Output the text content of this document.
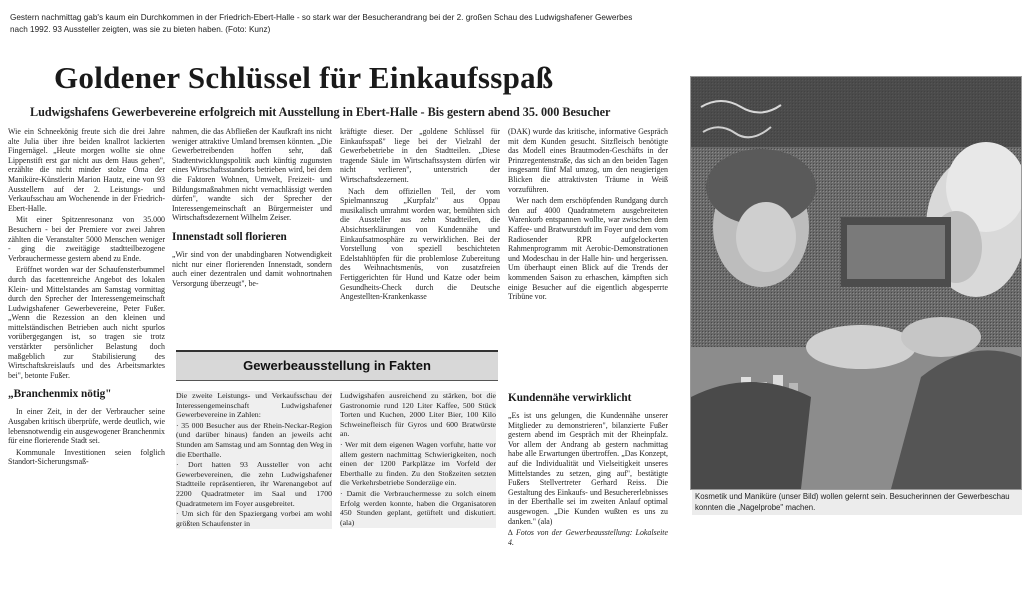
Gestern nachmittag gab's kaum ein Durchkommen in der Friedrich-Ebert-Halle - so stark war der Besucherandrang bei der 2. großen Schau des Ludwigshafener Gewerbes nach 1992. 93 Aussteller zeigten, was sie zu bieten haben. (Foto: Kunz)
Goldener Schlüssel für Einkaufsspaß
Ludwigshafens Gewerbevereine erfolgreich mit Ausstellung in Ebert-Halle - Bis gestern abend 35. 000 Besucher

Wie ein Schneekönig freute sich die drei Jahre alte Julia über ihre beiden knallrot lackierten Fingernägel. „Heute morgen wollte sie ohne Lippenstift erst gar nicht aus dem Haus gehen", erzählte die nicht minder stolze Oma der Maniküre-Künstlerin Marion Hautz, eine von 93 Ausstellern auf der 2. Leistungs- und Verkaufsschau am Wochenende in der Friedrich-Ebert-Halle.

Mit einer Spitzenresonanz von 35.000 Besuchern - bei der Premiere vor zwei Jahren zählten die Veranstalter 5000 Menschen weniger - ging die zweitägige stadtteilbezogene Verbrauchermesse gestern abend zu Ende.

Eröffnet worden war der Schaufensterbummel durch das facettenreiche Angebot des lokalen Klein- und Mittelstandes am Samstag vormittag durch den Sprecher der Interessengemeinschaft Ludwigshafener Gewerbevereine, Peter Fußer. „Wenn die Rezession an den kleinen und mittelständischen Betrieben auch nicht spurlos vorübergegangen ist, so tragen sie trotz verstärkter persönlicher Belastung doch maßgeblich zur Stabilisierung des Wirtschaftskreislaufs und des Arbeitsmarktes bei", betonte Fußer.

„Branchenmix nötig"

In einer Zeit, in der der Verbraucher seine Ausgaben kritisch überprüfe, werde deutlich, wie lebensnotwendig ein ausgewogener Branchenmix für eine florierende Stadt sei.

Kommunale Investitionen seien folglich Standort-Sicherungsmaß-

nahmen, die das Abfließen der Kaufkraft ins nicht weniger attraktive Umland bremsen könnten. „Die Gewerbetreibenden hoffen sehr, daß Stadtentwicklungspolitik auch künftig zugunsten eines Wirtschaftsstandorts betrieben wird, bei dem die Faktoren Wohnen, Umwelt, Freizeit- und Bildungsmaßnahmen nicht vernachlässigt werden dürfen", wandte sich der Sprecher der Interessengemeinschaft an Bürgermeister und Wirtschaftsdezernent Wilhelm Zeiser.

Innenstadt soll florieren

„Wir sind von der unabdingbaren Notwendigkeit nicht nur einer florierenden Innenstadt, sondern auch einer dezentralen und damit wohnortnahen Versorgung überzeugt", be-

kräftigte dieser. Der „goldene Schlüssel für Einkaufsspaß" liege bei der Vielzahl der Gewerbebetriebe in den Stadtteilen. „Diese tragende Säule im Wirtschaftssystem dürfen wir nicht verlieren", unterstrich der Wirtschaftsdezernent.

Nach dem offiziellen Teil, der vom Spielmannszug „Kurpfalz" aus Oppau musikalisch umrahmt worden war, bemühten sich die Aussteller aus zehn Stadtteilen, die Absichtserklärungen von Kundennähe und Einkaufsatmosphäre zu verwirklichen. Bei der Vorstellung von speziell beschichteten Edelstahltöpfen für die problemlose Zubereitung des Weihnachtsmenüs, von zusatzfreien Fertiggerichten für Hund und Katze oder beim Gesundheits-Check durch die Deutsche Angestellten-Krankenkasse

(DAK) wurde das kritische, informative Gespräch mit dem Kunden gesucht. Sitzfleisch benötigte das Modell eines Brautmoden-Geschäfts in der Prinzregentenstraße, das sich an den beiden Tagen insgesamt fünf Mal umzog, um den neugierigen Blicken die attraktivsten Träume in Weiß vorzuführen.

Wer nach dem erschöpfenden Rundgang durch den auf 4000 Quadratmetern ausgebreiteten Warenkorb entspannen wollte, war zwischen dem Kaffee- und Bratwurstduft im Foyer und dem vom Radiosender RPR aufgelockerten Rahmenprogramm mit Aerobic-Demonstrationen und Modeschau in der Halle hin- und hergerissen. Um überhaupt einen Blick auf die Trends der kommenden Saison zu erhaschen, kämpften sich einige Besucher auf die eigentlich abgesperrte Tribüne vor.

Kundennähe verwirklicht

„Es ist uns gelungen, die Kundennähe unserer Mitglieder zu demonstrieren", bilanzierte Fußer gestern abend im Gespräch mit der Rheinpfalz. Vor allem der Andrang ab gestern nachmittag habe alle Erwartungen übertroffen. „Das Konzept, auf die Individualität und Vielseitigkeit unseres Mittelstandes zu setzen, ging auf", bestätigte Fußers Stellvertreter Gerhard Reiss. Die Gestaltung des Einkaufs- und Besuchererlebnisses in der Eberthalle sei im zweiten Anlauf optimal ausgewogen. „Die Kunden wußten es uns zu danken." (ala)

∆ Fotos von der Gewerbeausstellung: Lokalseite 4.

Gewerbeausstellung in Fakten

Die zweite Leistungs- und Verkaufsschau der Interessengemeinschaft Ludwigshafener Gewerbevereine in Zahlen:

· 35 000 Besucher aus der Rhein-Neckar-Region (und darüber hinaus) fanden an jeweils acht Stunden am Samstag und am Sonntag den Weg in die Eberthalle.

· Dort hatten 93 Aussteller von acht Gewerbevereinen, die zehn Ludwigshafener Stadtteile repräsentieren, ihr Warenangebot auf 2200 Quadratmeter im Saal und 1700 Quadratmetern im Foyer ausgebreitet.

· Um sich für den Spaziergang vorbei am wohl größten Schaufenster in

Ludwigshafen ausreichend zu stärken, bot die Gastronomie rund 120 Liter Kaffee, 500 Stück Torten und Kuchen, 2000 Liter Bier, 100 Kilo Schweinefleisch für Gyros und 600 Bratwürste an.

· Wer mit dem eigenen Wagen vorfuhr, hatte vor allem gestern nachmittag Schwierigkeiten, noch einen der 1200 Parkplätze im Vorfeld der Eberthalle zu finden. Zu den Stoßzeiten setzten die Verkehrsbetriebe Sonderzüge ein.

· Damit die Verbrauchermesse zu solch einem Erfolg werden konnte, haben die Organisatoren 450 Stunden geplant, getüftelt und diskutiert. (ala)

Kosmetik und Maniküre (unser Bild) wollen gelernt sein. Besucherinnen der Gewerbeschau konnten die „Nagelprobe" machen.
